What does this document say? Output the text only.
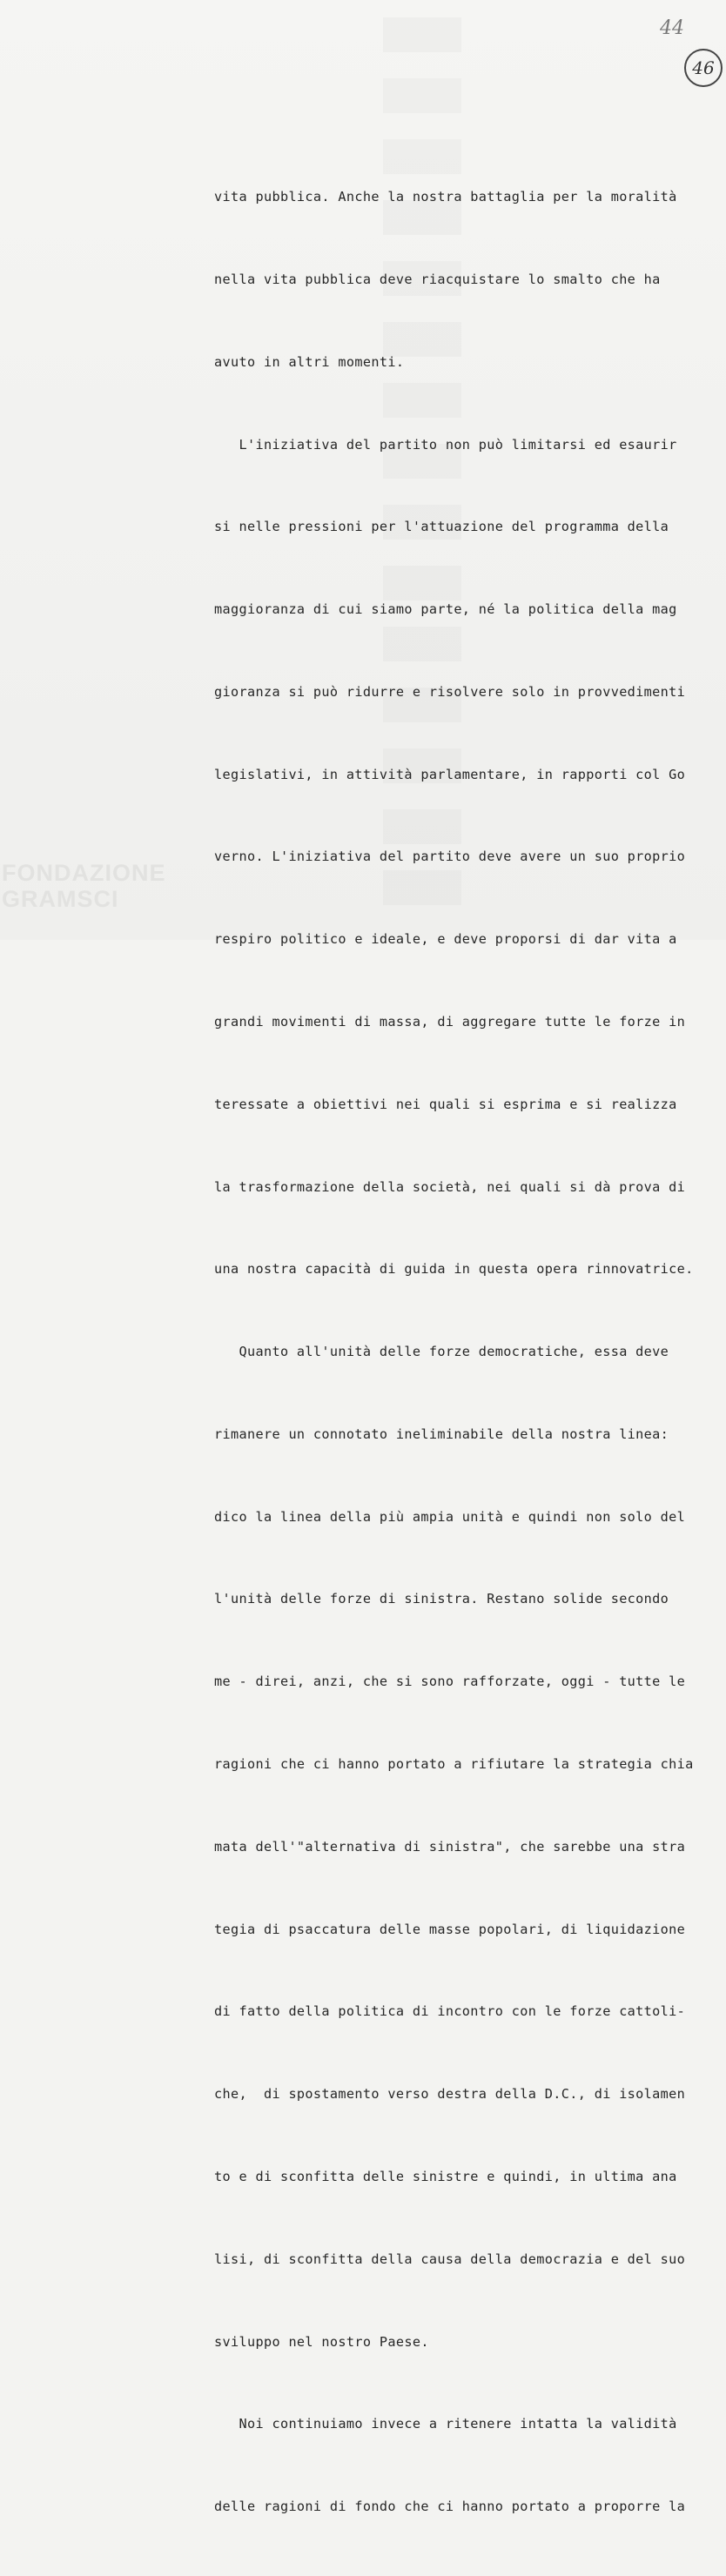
44
46

vita pubblica. Anche la nostra battaglia per la moralità

nella vita pubblica deve riacquistare lo smalto che ha

avuto in altri momenti.

L'iniziativa del partito non può limitarsi ed esaurir

si nelle pressioni per l'attuazione del programma della

maggioranza di cui siamo parte, né la politica della mag

gioranza si può ridurre e risolvere solo in provvedimenti

legislativi, in attività parlamentare, in rapporti col Go

verno. L'iniziativa del partito deve avere un suo proprio

respiro politico e ideale, e deve proporsi di dar vita a

grandi movimenti di massa, di aggregare tutte le forze in

teressate a obiettivi nei quali si esprima e si realizza

la trasformazione della società, nei quali si dà prova di

una nostra capacità di guida in questa opera rinnovatrice.

Quanto all'unità delle forze democratiche, essa deve

rimanere un connotato ineliminabile della nostra linea:

dico la linea della più ampia unità e quindi non solo del

l'unità delle forze di sinistra. Restano solide secondo

me - direi, anzi, che si sono rafforzate, oggi - tutte le

ragioni che ci hanno portato a rifiutare la strategia chia

mata dell'"alternativa di sinistra", che sarebbe una stra

tegia di psaccatura delle masse popolari, di liquidazione

di fatto della politica di incontro con le forze cattoli-

che,  di spostamento verso destra della D.C., di isolamen

to e di sconfitta delle sinistre e quindi, in ultima ana

lisi, di sconfitta della causa della democrazia e del suo

sviluppo nel nostro Paese.

Noi continuiamo invece a ritenere intatta la validità

delle ragioni di fondo che ci hanno portato a proporre la

FONDAZIONE
GRAMSCI
